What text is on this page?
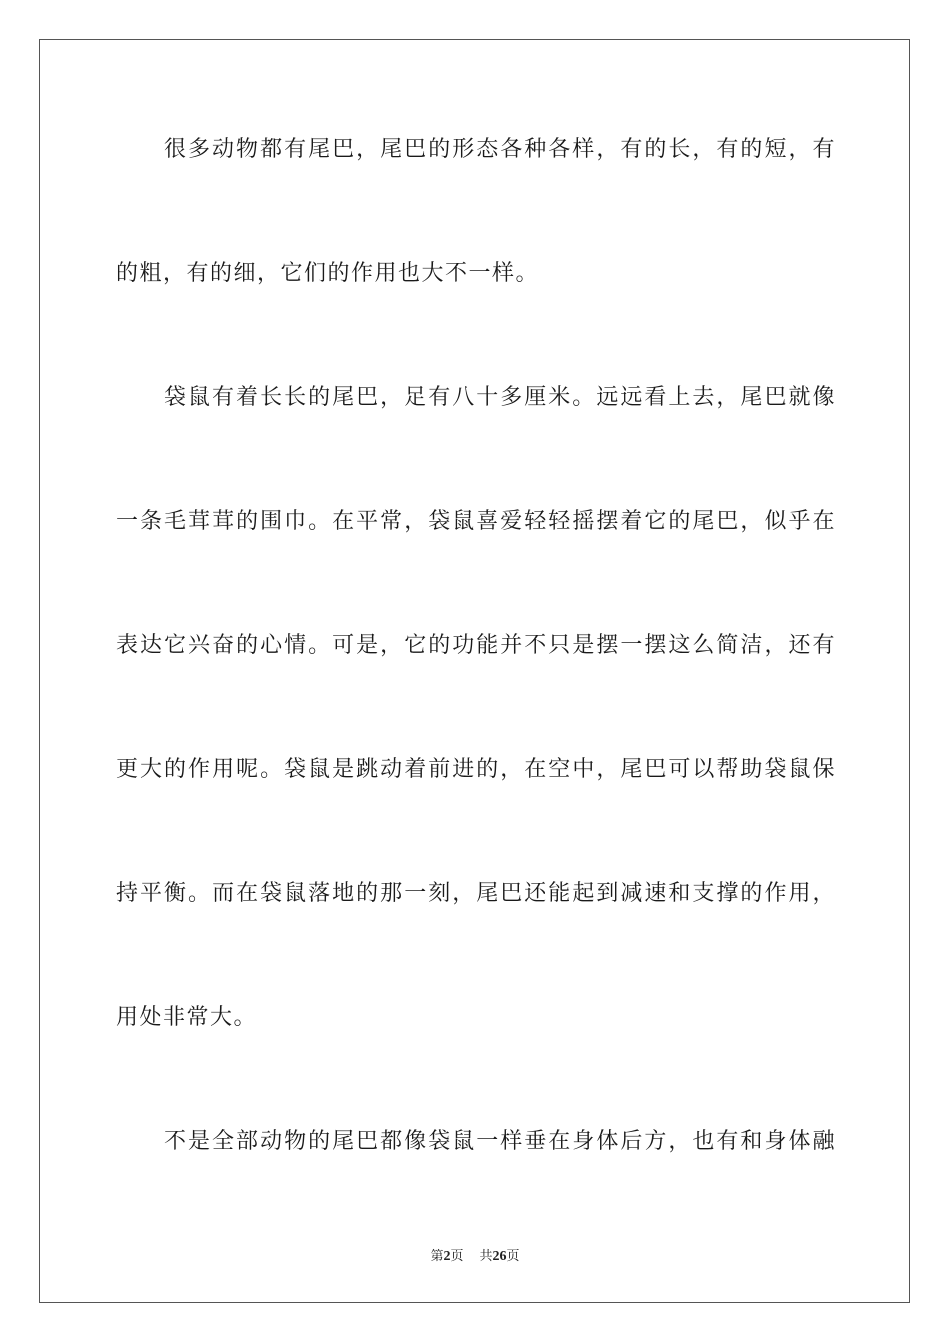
很多动物都有尾巴，尾巴的形态各种各样，有的长，有的短，有
的粗，有的细，它们的作用也大不一样。
袋鼠有着长长的尾巴，足有八十多厘米。远远看上去，尾巴就像
一条毛茸茸的围巾。在平常，袋鼠喜爱轻轻摇摆着它的尾巴，似乎在
表达它兴奋的心情。可是，它的功能并不只是摆一摆这么简洁，还有
更大的作用呢。袋鼠是跳动着前进的，在空中，尾巴可以帮助袋鼠保
持平衡。而在袋鼠落地的那一刻，尾巴还能起到减速和支撑的作用，
用处非常大。
不是全部动物的尾巴都像袋鼠一样垂在身体后方，也有和身体融
第2页 共26页
